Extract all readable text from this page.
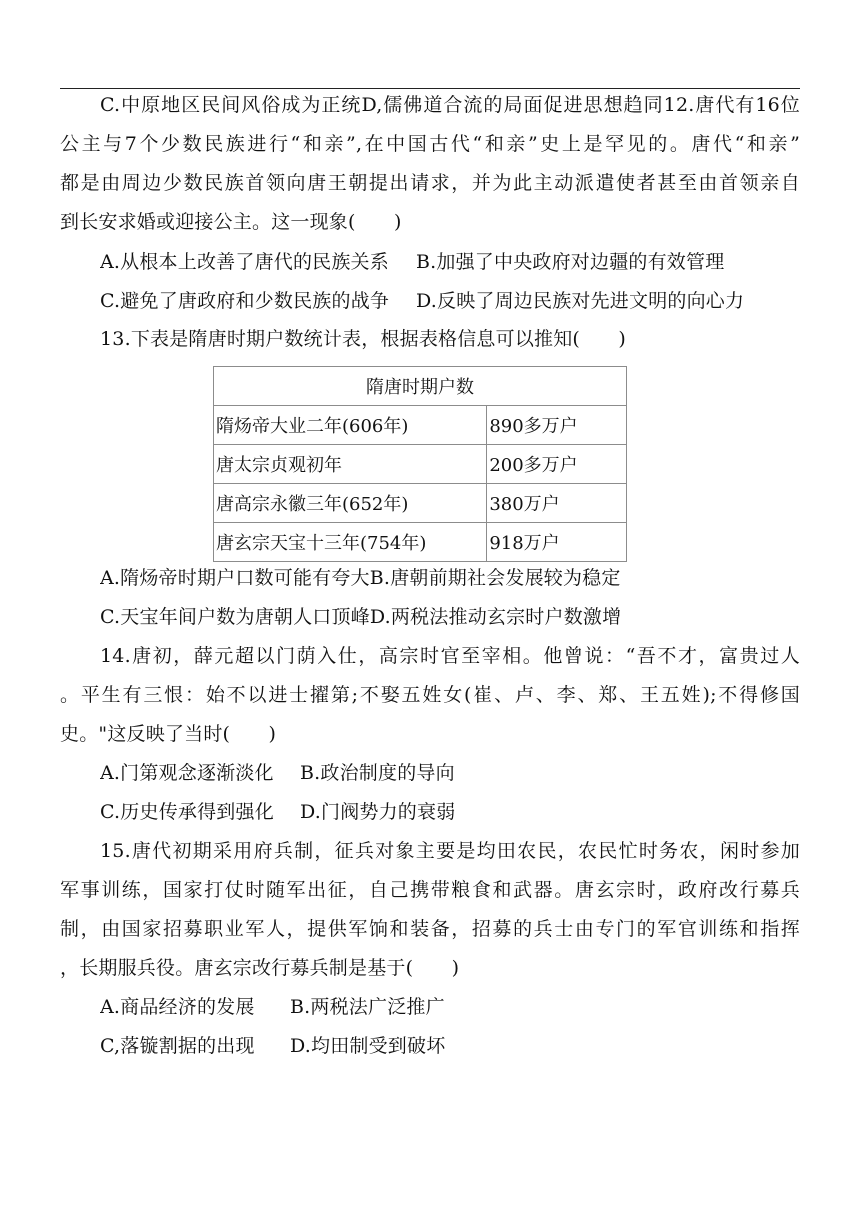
C.中原地区民间风俗成为正统D,儒佛道合流的局面促进思想趋同12.唐代有16位
公主与7个少数民族进行“和亲”,在中国古代“和亲”史上是罕见的。唐代“和亲”
都是由周边少数民族首领向唐王朝提出请求，并为此主动派遣使者甚至由首领亲自
到长安求婚或迎接公主。这一现象(　　)
A.从根本上改善了唐代的民族关系 B.加强了中央政府对边疆的有效管理
C.避免了唐政府和少数民族的战争 D.反映了周边民族对先进文明的向心力
13.下表是隋唐时期户数统计表，根据表格信息可以推知(　　)
隋唐时期户数	
隋炀帝大业二年(606年)	890多万户
唐太宗贞观初年	200多万户
唐高宗永徽三年(652年)	380万户
唐玄宗天宝十三年(754年)	918万户
A.隋炀帝时期户口数可能有夸大B.唐朝前期社会发展较为稳定
C.天宝年间户数为唐朝人口顶峰D.两税法推动玄宗时户数激增
14.唐初，薛元超以门荫入仕，高宗时官至宰相。他曾说：“吾不才，富贵过人
。平生有三恨：始不以进士擢第;不娶五姓女(崔、卢、李、郑、王五姓);不得修国
史。"这反映了当时(　　)
A.门第观念逐渐淡化 B.政治制度的导向
C.历史传承得到强化 D.门阀势力的衰弱
15.唐代初期采用府兵制，征兵对象主要是均田农民，农民忙时务农，闲时参加
军事训练，国家打仗时随军出征，自己携带粮食和武器。唐玄宗时，政府改行募兵
制，由国家招募职业军人，提供军饷和装备，招募的兵士由专门的军官训练和指挥
，长期服兵役。唐玄宗改行募兵制是基于(　　)
A.商品经济的发展 B.两税法广泛推广
C,落镟割据的出现 D.均田制受到破坏
